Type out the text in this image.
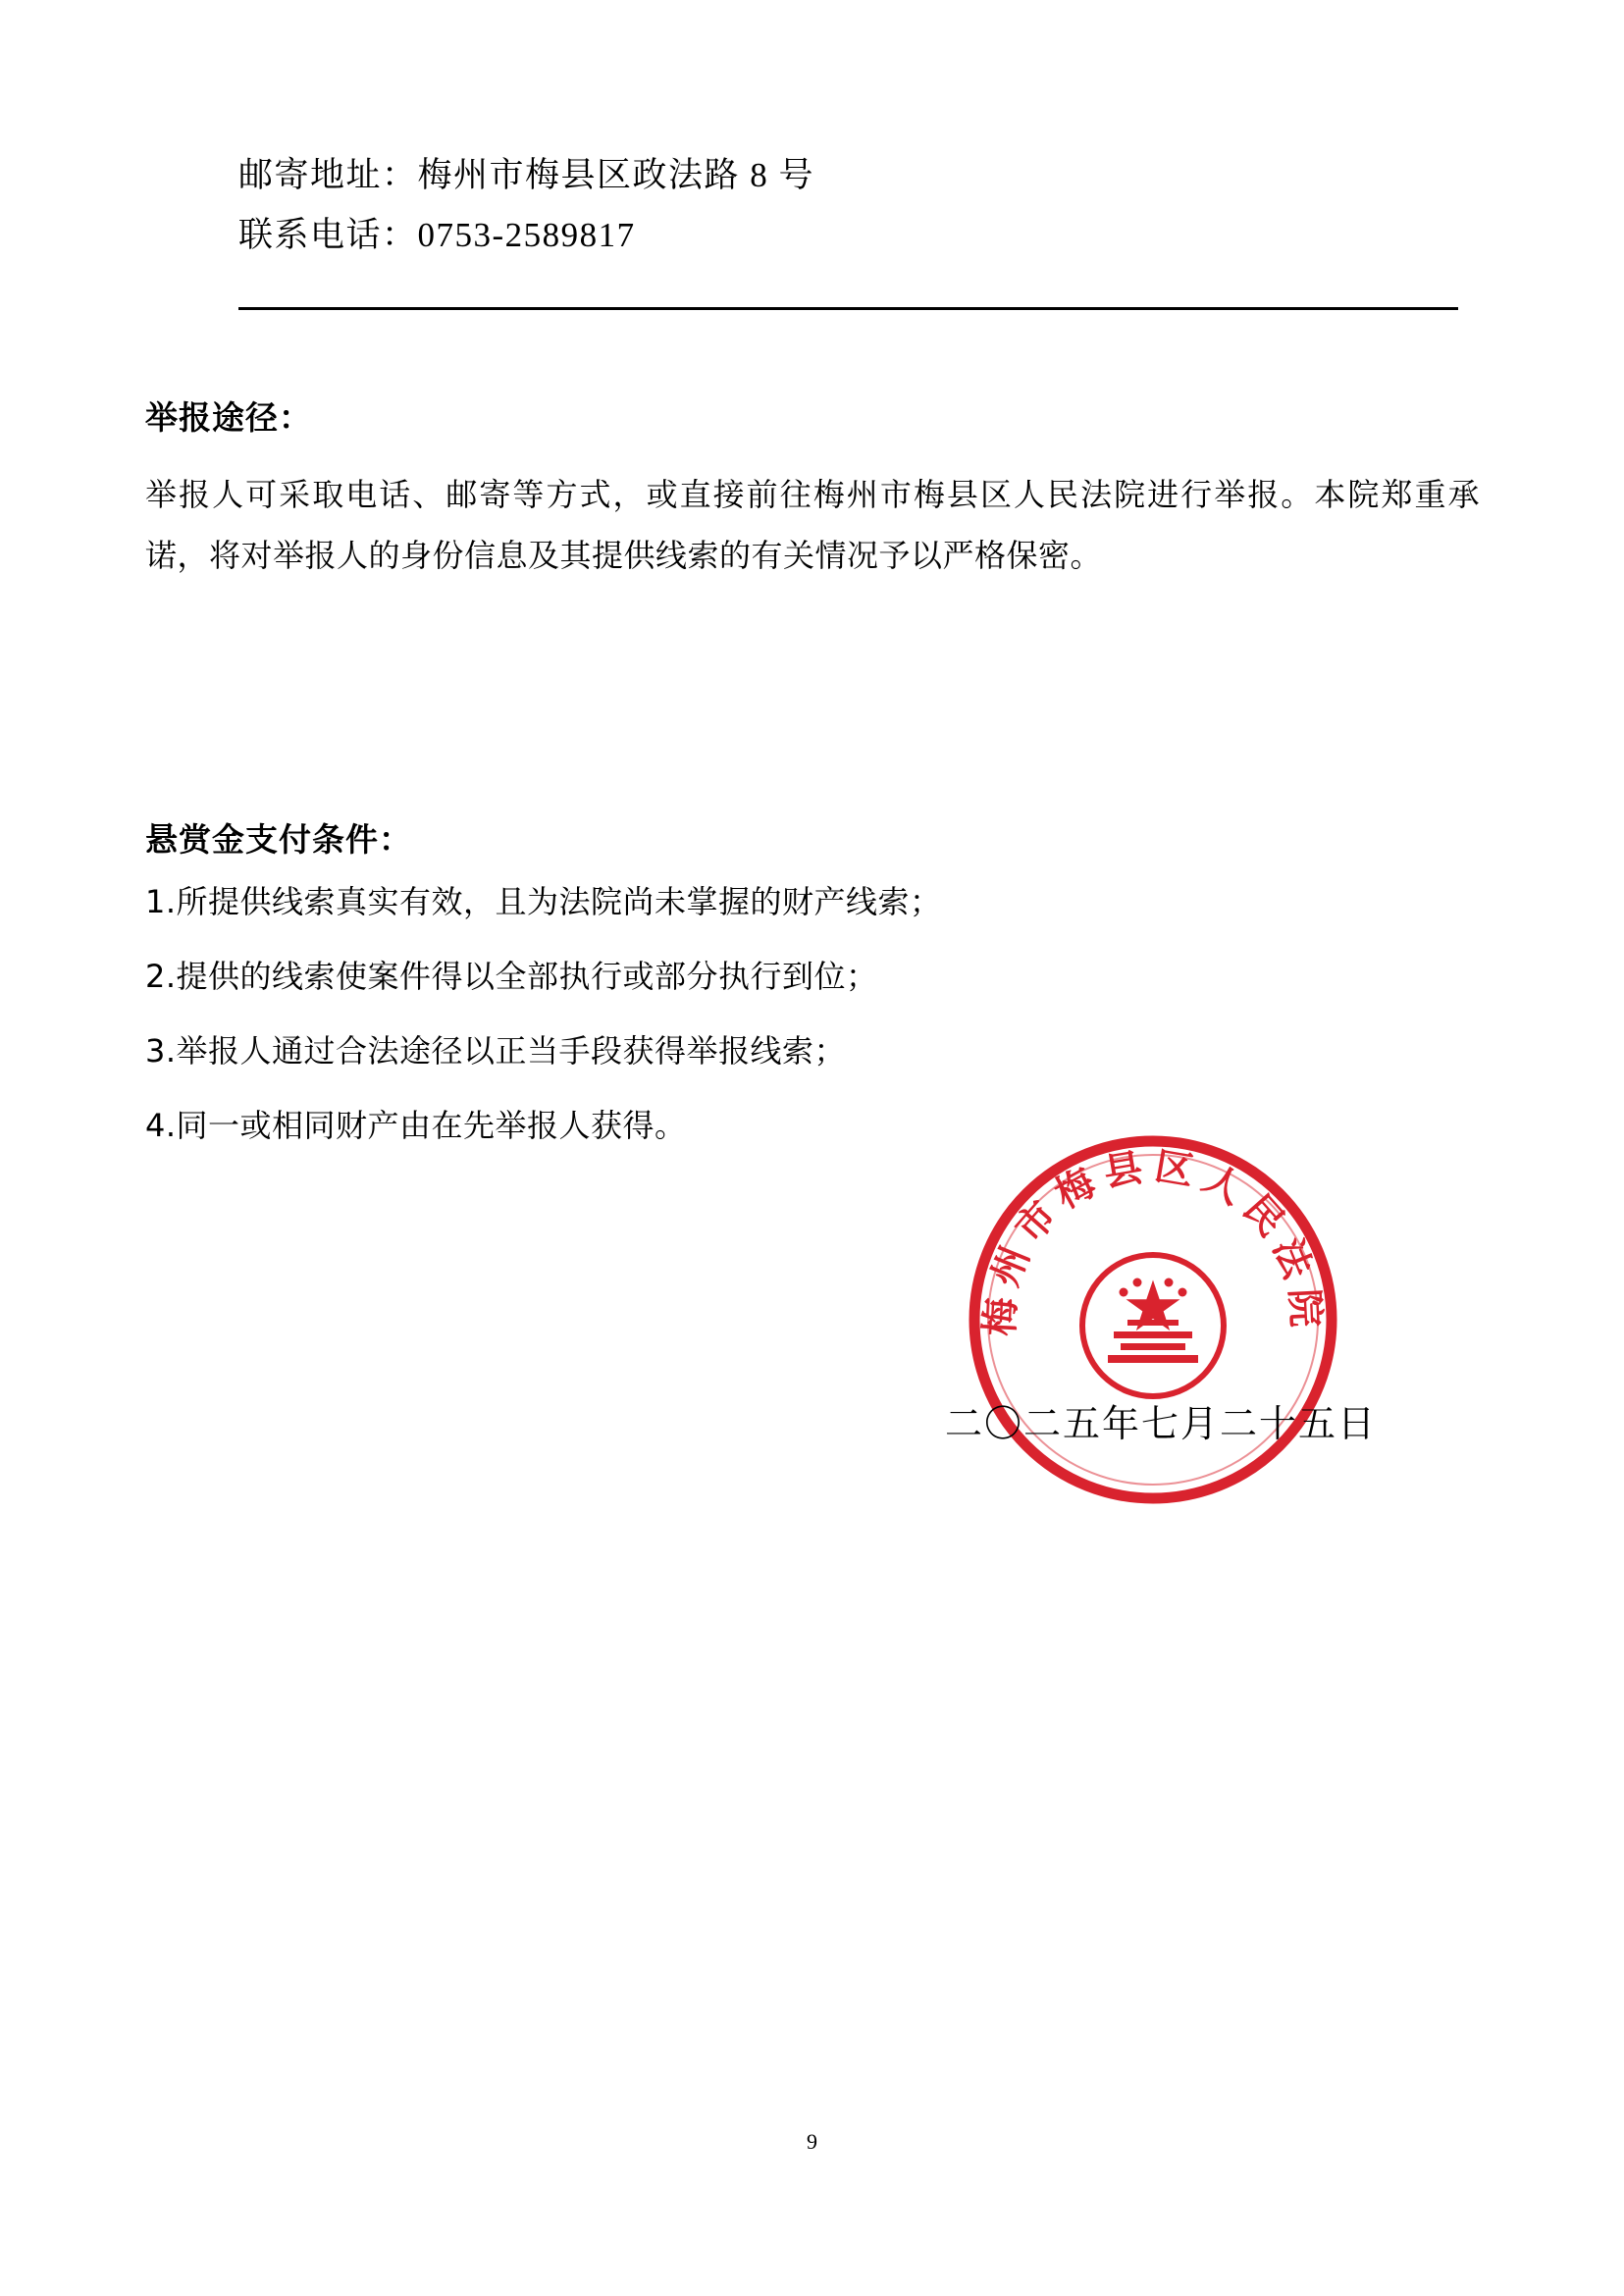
邮寄地址：梅州市梅县区政法路 8 号
联系电话：0753-2589817
举报途径：
举报人可采取电话、邮寄等方式，或直接前往梅州市梅县区人民法院进行举报。本院郑重承诺，将对举报人的身份信息及其提供线索的有关情况予以严格保密。
悬赏金支付条件：
1.所提供线索真实有效，且为法院尚未掌握的财产线索；
2.提供的线索使案件得以全部执行或部分执行到位；
3.举报人通过合法途径以正当手段获得举报线索；
4.同一或相同财产由在先举报人获得。
梅州市梅县区人民法院
二〇二五年七月二十五日
9
